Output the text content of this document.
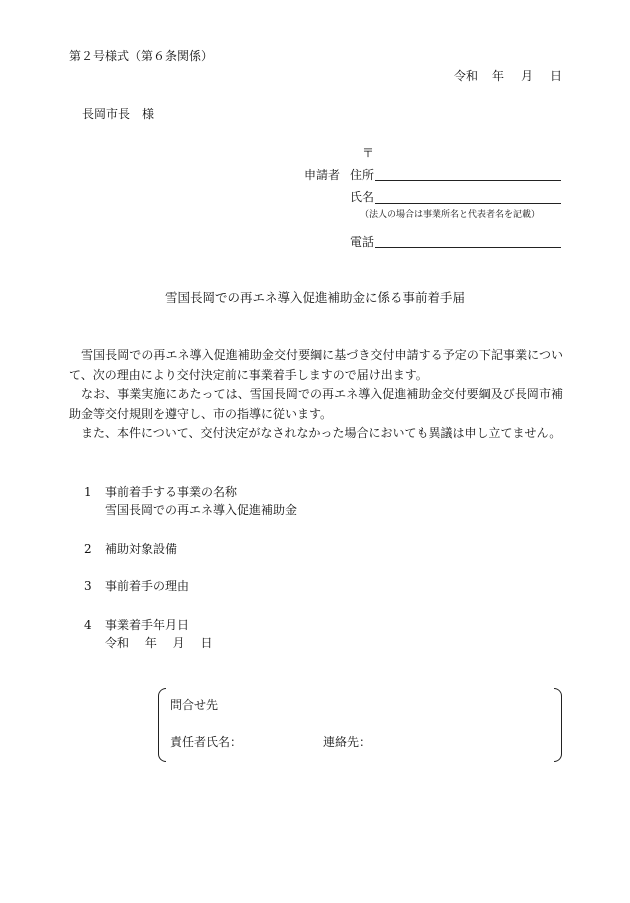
第２号様式（第６条関係）
令和 年 月 日
長岡市長 様
〒
申請者 住所
氏名
（法人の場合は事業所名と代表者名を記載）
電話
雪国長岡での再エネ導入促進補助金に係る事前着手届
　雪国長岡での再エネ導入促進補助金交付要綱に基づき交付申請する予定の下記事業について、次の理由により交付決定前に事業着手しますので届け出ます。
　なお、事業実施にあたっては、雪国長岡での再エネ導入促進補助金交付要綱及び長岡市補助金等交付規則を遵守し、市の指導に従います。
　また、本件について、交付決定がなされなかった場合においても異議は申し立てません。
1 事前着手する事業の名称
雪国長岡での再エネ導入促進補助金
2 補助対象設備
3 事前着手の理由
4 事業着手年月日
令和　 年　 月　 日
問合せ先
責任者氏名：	連絡先：
